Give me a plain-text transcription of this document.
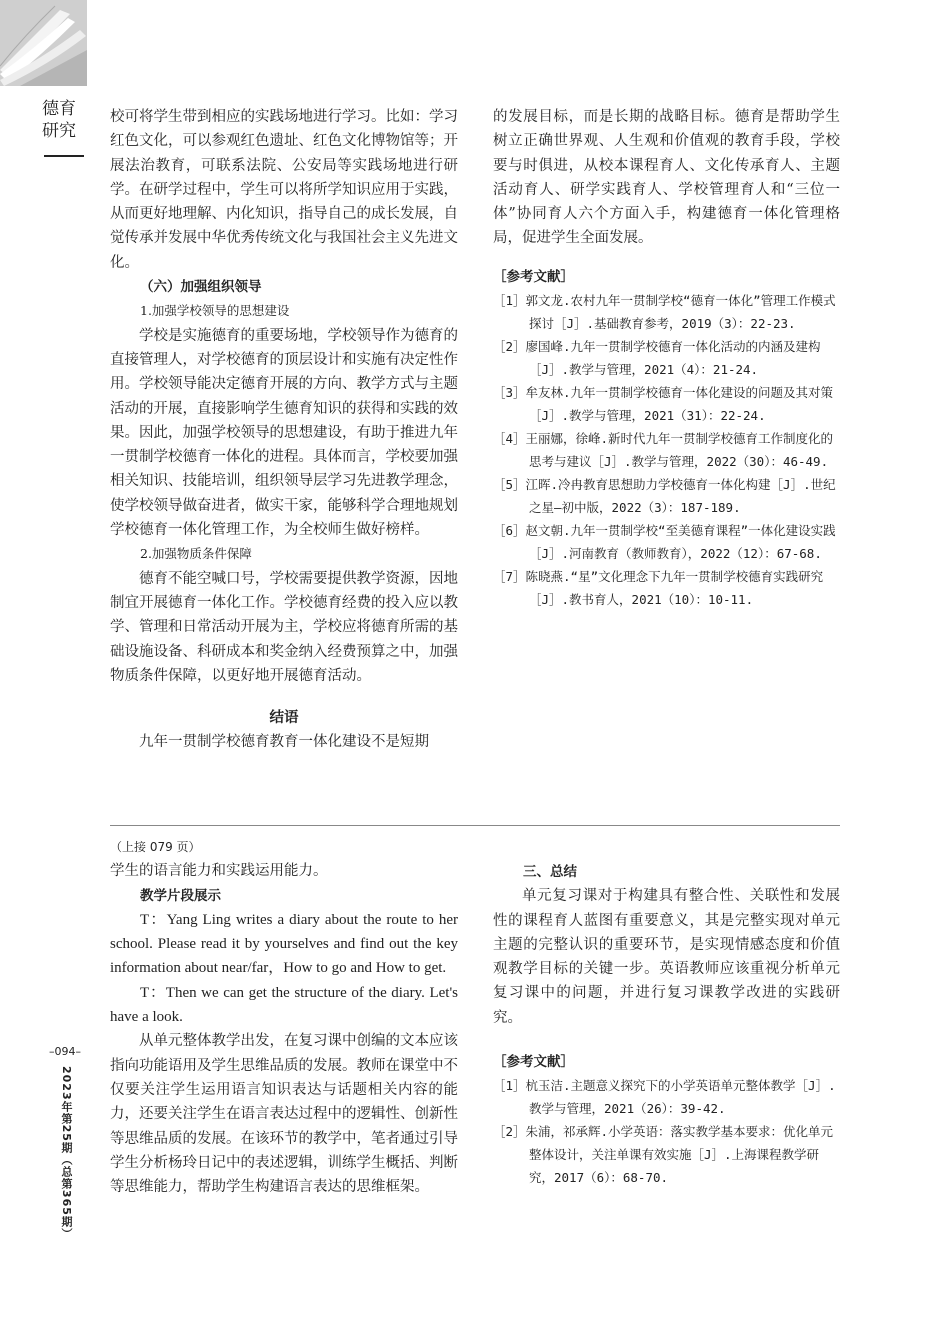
德育研究

校可将学生带到相应的实践场地进行学习。比如：学习红色文化，可以参观红色遗址、红色文化博物馆等；开展法治教育，可联系法院、公安局等实践场地进行研学。在研学过程中，学生可以将所学知识应用于实践，从而更好地理解、内化知识，指导自己的成长发展，自觉传承并发展中华优秀传统文化与我国社会主义先进文化。

（六）加强组织领导

1.加强学校领导的思想建设

学校是实施德育的重要场地，学校领导作为德育的直接管理人，对学校德育的顶层设计和实施有决定性作用。学校领导能决定德育开展的方向、教学方式与主题活动的开展，直接影响学生德育知识的获得和实践的效果。因此，加强学校领导的思想建设，有助于推进九年一贯制学校德育一体化的进程。具体而言，学校要加强相关知识、技能培训，组织领导层学习先进教学理念，使学校领导做奋进者，做实干家，能够科学合理地规划学校德育一体化管理工作，为全校师生做好榜样。

2.加强物质条件保障

德育不能空喊口号，学校需要提供教学资源，因地制宜开展德育一体化工作。学校德育经费的投入应以教学、管理和日常活动开展为主，学校应将德育所需的基础设施设备、科研成本和奖金纳入经费预算之中，加强物质条件保障，以更好地开展德育活动。

结语

九年一贯制学校德育教育一体化建设不是短期

的发展目标，而是长期的战略目标。德育是帮助学生树立正确世界观、人生观和价值观的教育手段，学校要与时俱进，从校本课程育人、文化传承育人、主题活动育人、研学实践育人、学校管理育人和“三位一体”协同育人六个方面入手，构建德育一体化管理格局，促进学生全面发展。

［参考文献］

［1］郭文龙.农村九年一贯制学校“德育一体化”管理工作模式探讨［J］.基础教育参考，2019（3）：22-23.

［2］廖国峰.九年一贯制学校德育一体化活动的内涵及建构［J］.教学与管理，2021（4）：21-24.

［3］牟友林.九年一贯制学校德育一体化建设的问题及其对策［J］.教学与管理，2021（31）：22-24.

［4］王丽娜，徐峰.新时代九年一贯制学校德育工作制度化的思考与建议［J］.教学与管理，2022（30）：46-49.

［5］江晖.冷冉教育思想助力学校德育一体化构建［J］.世纪之星—初中版，2022（3）：187-189.

［6］赵文朝.九年一贯制学校“至美德育课程”一体化建设实践［J］.河南教育（教师教育），2022（12）：67-68.

［7］陈晓燕.“星”文化理念下九年一贯制学校德育实践研究［J］.教书育人，2021（10）：10-11.

（上接 079 页）

学生的语言能力和实践运用能力。

教学片段展示

T：Yang Ling writes a diary about the route to her school. Please read it by yourselves and find out the key information about near/far，How to go and How to get.

T：Then we can get the structure of the diary. Let's have a look.

从单元整体教学出发，在复习课中创编的文本应该指向功能语用及学生思维品质的发展。教师在课堂中不仅要关注学生运用语言知识表达与话题相关内容的能力，还要关注学生在语言表达过程中的逻辑性、创新性等思维品质的发展。在该环节的教学中，笔者通过引导学生分析杨玲日记中的表述逻辑，训练学生概括、判断等思维能力，帮助学生构建语言表达的思维框架。

三、总结

单元复习课对于构建具有整合性、关联性和发展性的课程育人蓝图有重要意义，其是完整实现对单元主题的完整认识的重要环节，是实现情感态度和价值观教学目标的关键一步。英语教师应该重视分析单元复习课中的问题，并进行复习课教学改进的实践研究。

［参考文献］

［1］杭玉洁.主题意义探究下的小学英语单元整体教学［J］.教学与管理，2021（26）：39-42.

［2］朱浦，祁承辉.小学英语：落实教学基本要求：优化单元整体设计，关注单课有效实施［J］.上海课程教学研究，2017（6）：68-70.

–094–
2023年第25期（总第365期）
